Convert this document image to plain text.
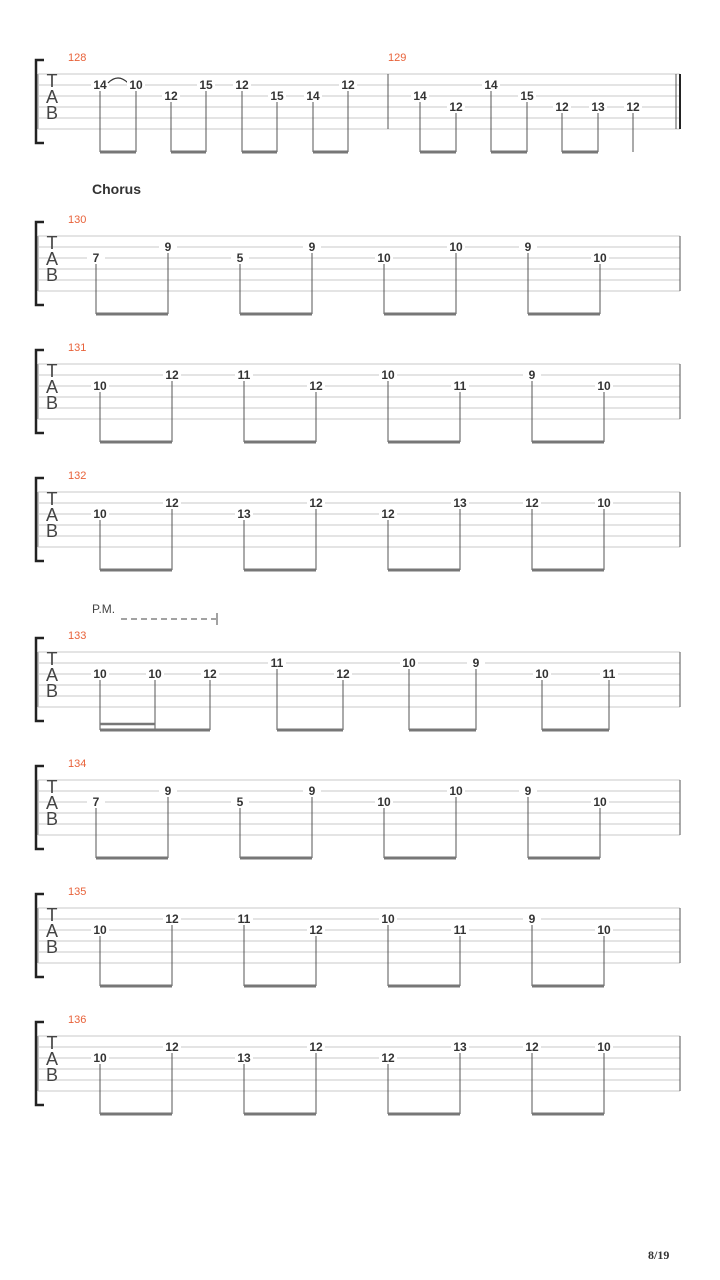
T
A
B
128
14 10
12
15 12
15 14
12
129
14
12
14
15
12 13 12
T
A
B
130
7
9
5
9
10
10	9
10
T
A
B
131
10
12	11
12
10
11
9
10
T
A
B
132
10
12
13
12
12
13	12	10
T
A
B
133
10	10	12
11
12
10	9
10	11
T
A
B
134
7
9
5
9
10
10	9
10
T
A
B
135
10
12	11
12
10
11
9
10
T
A
B
136
10
12
13
12
12
13	12	10
P.M.
Chorus
8/19
